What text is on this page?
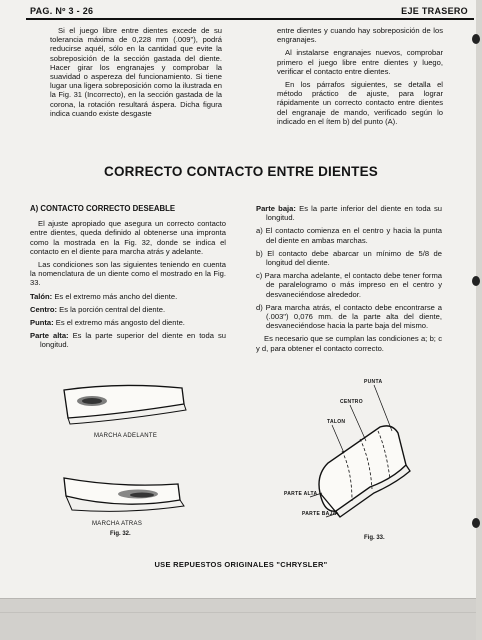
PAG. Nº 3 - 26	EJE TRASERO

Si el juego libre entre dientes excede de su tolerancia máxima de 0,228 mm (.009"), podrá reducirse aquél, sólo en la cantidad que evite la sobreposición de la sección gastada del diente. Hacer girar los engranajes y comprobar la suavidad o aspereza del funcionamiento. Si tiene lugar una ligera sobreposición como la ilustrada en la Fig. 31 (Incorrecto), en la sección gastada de la corona, la rotación resultará áspera. Dicha figura indica cuando existe desgaste

entre dientes y cuando hay sobreposición de los engranajes.

Al instalarse engranajes nuevos, comprobar primero el juego libre entre dientes y luego, verificar el contacto entre dientes.

En los párrafos siguientes, se detalla el método práctico de ajuste, para lograr rápidamente un correcto contacto entre dientes del engranaje de mando, verificado según lo indicado en el ítem b) del punto (A).

CORRECTO CONTACTO ENTRE DIENTES

A) CONTACTO CORRECTO DESEABLE

El ajuste apropiado que asegura un correcto contacto entre dientes, queda definido al obtenerse una impronta como la mostrada en la Fig. 32, donde se indica el contacto en el diente para marcha atrás y adelante.

Las condiciones son las siguientes teniendo en cuenta la nomenclatura de un diente como el mostrado en la Fig. 33.

Talón: Es el extremo más ancho del diente.

Centro: Es la porción central del diente.

Punta: Es el extremo más angosto del diente.

Parte alta: Es la parte superior del diente en toda su longitud.

Parte baja: Es la parte inferior del diente en toda su longitud.

a) El contacto comienza en el centro y hacia la punta del diente en ambas marchas.

b) El contacto debe abarcar un mínimo de 5/8 de longitud del diente.

c) Para marcha adelante, el contacto debe tener forma de paralelogramo o más impreso en el centro y desvaneciéndose alrededor.

d) Para marcha atrás, el contacto debe encontrarse a (.003") 0,076 mm. de la parte alta del diente, desvaneciéndose hacia la parte baja del mismo.

Es necesario que se cumplan las condiciones a; b; c y d, para obtener el contacto correcto.

MARCHA ADELANTE
MARCHA ATRAS
Fig. 32.
PUNTA
CENTRO
TALON
PARTE ALTA
PARTE BAJA
Fig. 33.
USE REPUESTOS ORIGINALES "CHRYSLER"
